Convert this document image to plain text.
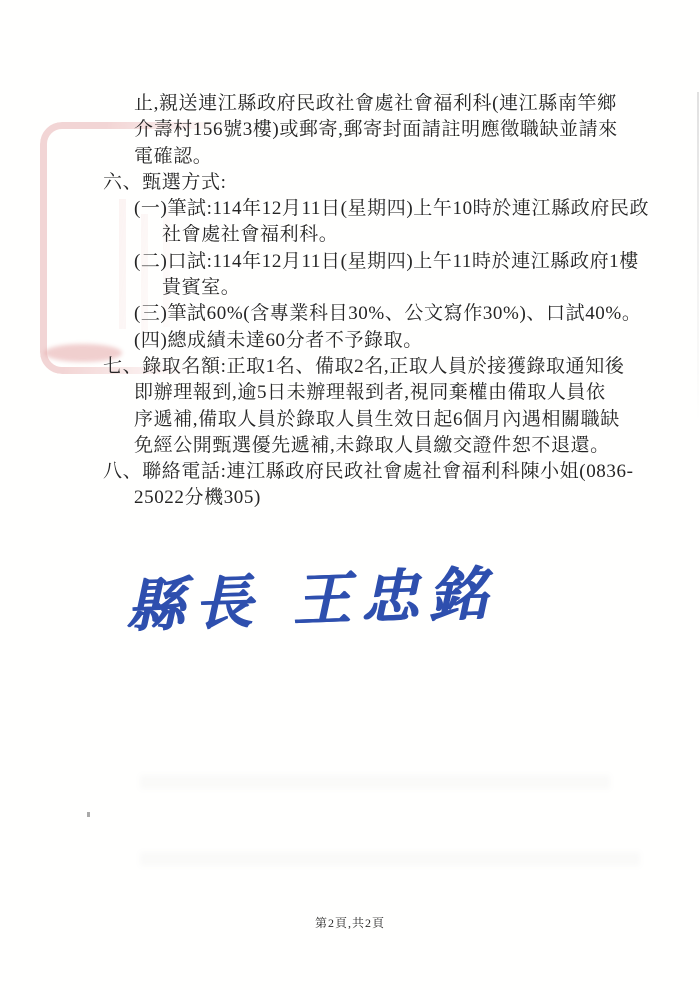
止,親送連江縣政府民政社會處社會福利科(連江縣南竿鄉
介壽村156號3樓)或郵寄,郵寄封面請註明應徵職缺並請來
電確認。
六、甄選方式:
(一)筆試:114年12月11日(星期四)上午10時於連江縣政府民政
社會處社會福利科。
(二)口試:114年12月11日(星期四)上午11時於連江縣政府1樓
貴賓室。
(三)筆試60%(含專業科目30%、公文寫作30%)、口試40%。
(四)總成績未達60分者不予錄取。
七、錄取名額:正取1名、備取2名,正取人員於接獲錄取通知後
即辦理報到,逾5日未辦理報到者,視同棄權由備取人員依
序遞補,備取人員於錄取人員生效日起6個月內遇相關職缺
免經公開甄選優先遞補,未錄取人員繳交證件恕不退還。
八、聯絡電話:連江縣政府民政社會處社會福利科陳小姐(0836-
25022分機305)
縣長 王忠銘
第2頁,共2頁
